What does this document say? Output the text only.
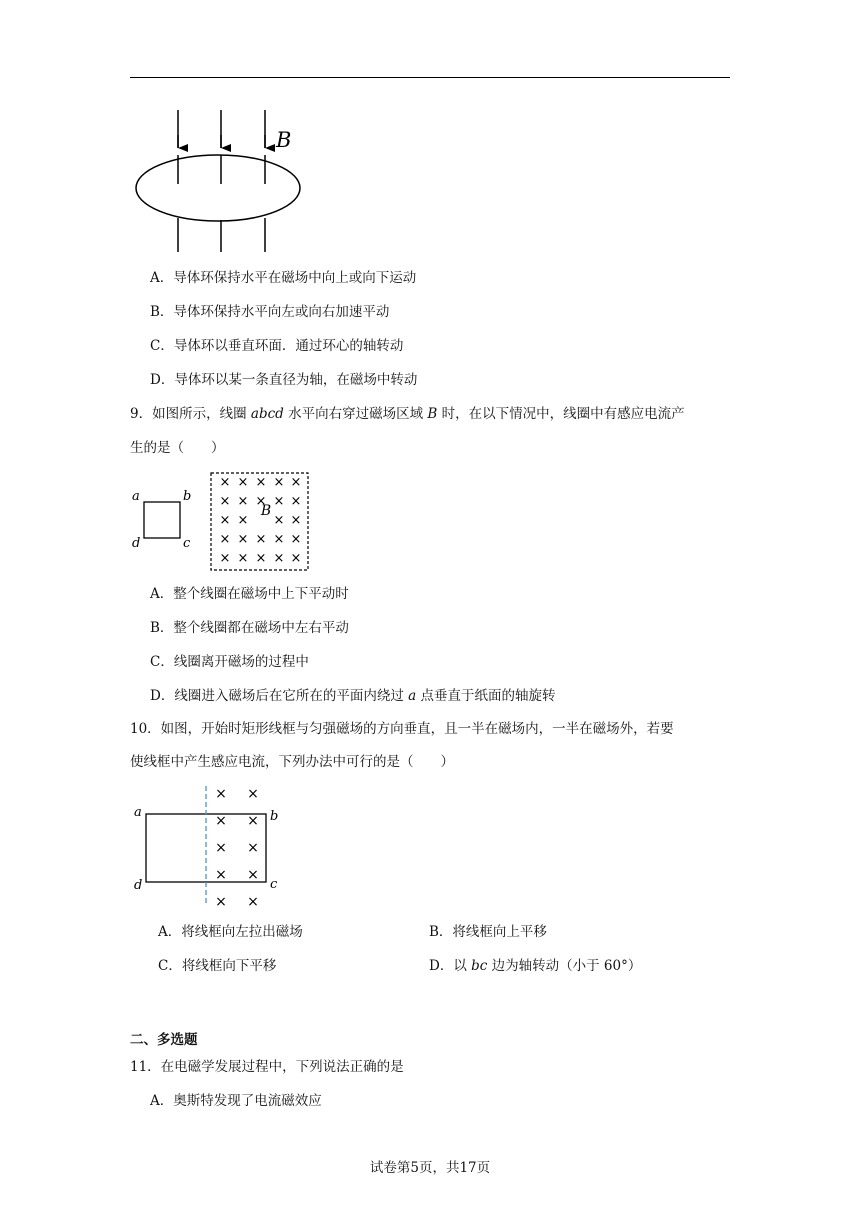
B
A．导体环保持水平在磁场中向上或向下运动
B．导体环保持水平向左或向右加速平动
C．导体环以垂直环面．通过环心的轴转动
D．导体环以某一条直径为轴，在磁场中转动
9．如图所示，线圈 abcd 水平向右穿过磁场区域 B 时，在以下情况中，线圈中有感应电流产
生的是（　　）
a	b
d	c
× × × × ×
× × × × ×
× × × ×
× × × × ×
× × × × ×
B
A．整个线圈在磁场中上下平动时
B．整个线圈都在磁场中左右平动
C．线圈离开磁场的过程中
D．线圈进入磁场后在它所在的平面内绕过 a 点垂直于纸面的轴旋转
10．如图，开始时矩形线框与匀强磁场的方向垂直，且一半在磁场内，一半在磁场外，若要
使线框中产生感应电流，下列办法中可行的是（　　）
× ×
× ×
× ×
× ×
× ×
a	b
d	c
A．将线框向左拉出磁场	B．将线框向上平移
C．将线框向下平移	D．以 bc 边为轴转动（小于 60°）
二、多选题
11．在电磁学发展过程中，下列说法正确的是
A．奥斯特发现了电流磁效应
试卷第5页，共17页
